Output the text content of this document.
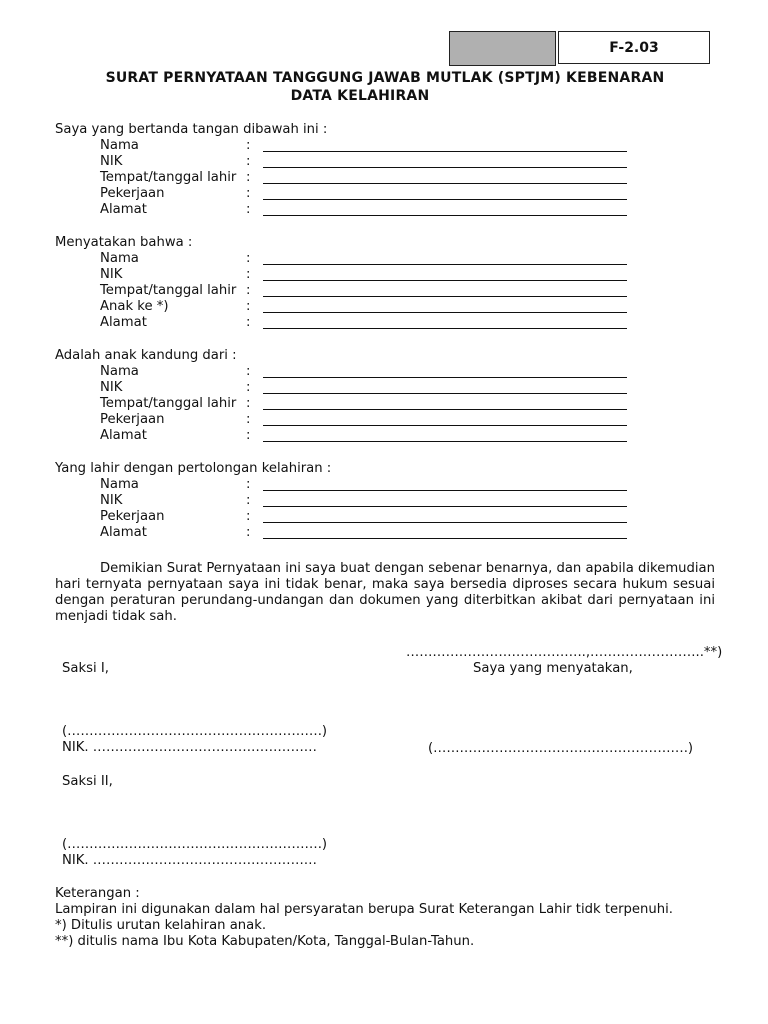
F-2.03
SURAT PERNYATAAN TANGGUNG JAWAB MUTLAK (SPTJM) KEBENARAN
DATA KELAHIRAN
Saya yang bertanda tangan dibawah ini :
Nama	:
NIK	:
Tempat/tanggal lahir :
Pekerjaan	:
Alamat	:
Menyatakan bahwa :
Nama	:
NIK	:
Tempat/tanggal lahir :
Anak ke *)	:
Alamat	:
Adalah anak kandung dari :
Nama	:
NIK	:
Tempat/tanggal lahir :
Pekerjaan	:
Alamat	:
Yang lahir dengan pertolongan kelahiran :
Nama	:
NIK	:
Pekerjaan	:
Alamat	:

Demikian Surat Pernyataan ini saya buat dengan sebenar benarnya, dan apabila dikemudian hari ternyata pernyataan saya ini tidak benar, maka saya bersedia diproses secara hukum sesuai dengan peraturan perundang-undangan dan dokumen yang diterbitkan akibat dari pernyataan ini menjadi tidak sah.

…………………………………..,……………………..**)
Saksi I,	Saya yang menyatakan,
(………………………………………………….)
NIK. ……………………………………………	(………………………………………………….)
Saksi II,
(………………………………………………….)
NIK. ……………………………………………
Keterangan :
Lampiran ini digunakan dalam hal persyaratan berupa Surat Keterangan Lahir tidk terpenuhi.
*) Ditulis urutan kelahiran anak.
**) ditulis nama Ibu Kota Kabupaten/Kota, Tanggal-Bulan-Tahun.
